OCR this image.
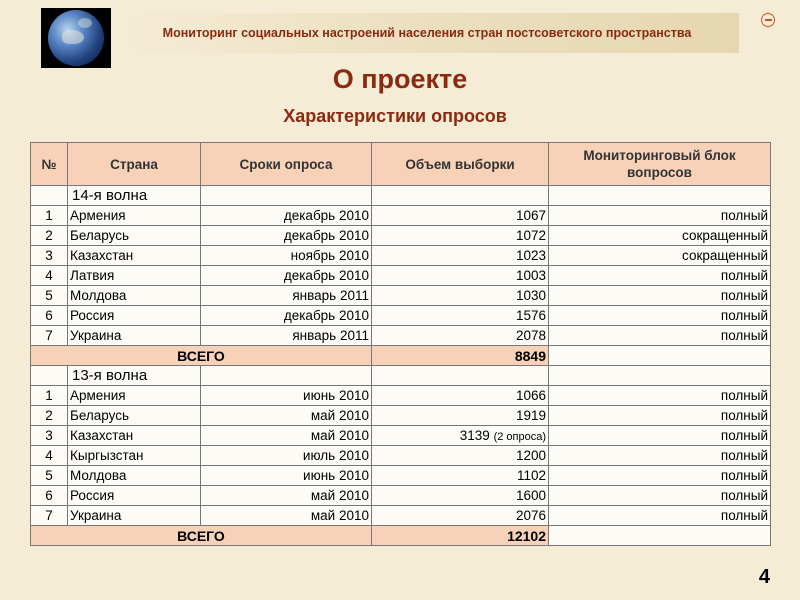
Мониторинг социальных настроений населения стран постсоветского пространства
О проекте
Характеристики опросов
№	Страна	Сроки опроса	Объем выборки	Мониторинговый блок вопросов
	14-я волна			
1	Армения	декабрь 2010	1067	полный
2	Беларусь	декабрь 2010	1072	сокращенный
3	Казахстан	ноябрь 2010	1023	сокращенный
4	Латвия	декабрь 2010	1003	полный
5	Молдова	январь 2011	1030	полный
6	Россия	декабрь 2010	1576	полный
7	Украина	январь 2011	2078	полный
ВСЕГО			8849	
	13-я волна			
1	Армения	июнь 2010	1066	полный
2	Беларусь	май 2010	1919	полный
3	Казахстан	май 2010	3139 (2 опроса)	полный
4	Кыргызстан	июль 2010	1200	полный
5	Молдова	июнь 2010	1102	полный
6	Россия	май 2010	1600	полный
7	Украина	май 2010	2076	полный
ВСЕГО			12102	
4
